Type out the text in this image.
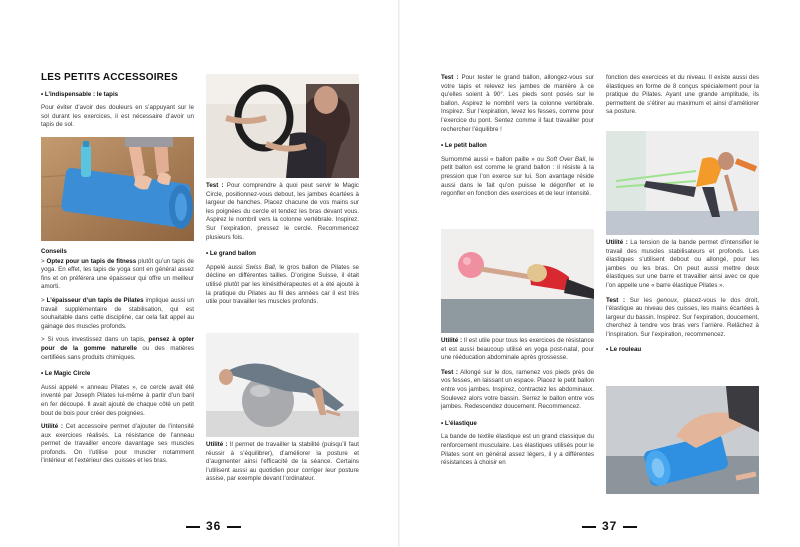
LES PETITS ACCESSOIRES

• L’indispensable : le tapis

Pour éviter d’avoir des douleurs en s’appuyant sur le sol durant les exercices, il est nécessaire d’avoir un tapis de sol.

Conseils

> Optez pour un tapis de fitness plutôt qu’un tapis de yoga. En effet, les tapis de yoga sont en général assez fins et on préférera une épaisseur qui offre un meilleur amorti.

> L’épaisseur d’un tapis de Pilates implique aussi un travail supplémentaire de stabilisation, qui est souhaitable dans cette discipline, car cela fait appel au gainage des muscles profonds.

> Si vous investissez dans un tapis, pensez à opter pour de la gomme naturelle ou des matières certifiées sans produits chimiques.

• Le Magic Circle

Aussi appelé « anneau Pilates », ce cercle avait été inventé par Joseph Pilates lui-même à partir d’un baril en fer découpé. Il avait ajouté de chaque côté un petit bout de bois pour créer des poignées.

Utilité : Cet accessoire permet d’ajouter de l’intensité aux exercices réalisés. La résistance de l’anneau permet de travailler encore davantage ses muscles profonds. On l’utilise pour muscler notamment l’intérieur et l’extérieur des cuisses et les bras.

Test : Pour comprendre à quoi peut servir le Magic Circle, positionnez-vous debout, les jambes écartées à largeur de hanches. Placez chacune de vos mains sur les poignées du cercle et tendez les bras devant vous. Aspirez le nombril vers la colonne vertébrale. Inspirez. Sur l’expiration, pressez le cercle. Recommencez plusieurs fois.

• Le grand ballon

Appelé aussi Swiss Ball, le gros ballon de Pilates se décline en différentes tailles. D’origine Suisse, il était utilisé plutôt par les kinésithérapeutes et a été ajouté à la pratique du Pilates au fil des années car il est très utile pour travailler les muscles profonds.

Utilité : Il permet de travailler la stabilité (puisqu’il faut réussir à s’équilibrer), d’améliorer la posture et d’augmenter ainsi l’efficacité de la séance. Certains l’utilisent aussi au quotidien pour corriger leur posture assise, par exemple devant l’ordinateur.

36

Test : Pour tester le grand ballon, allongez-vous sur votre tapis et relevez les jambes de manière à ce qu’elles soient à 90°. Les pieds sont posés sur le ballon. Aspirez le nombril vers la colonne vertébrale. Inspirez. Sur l’expiration, levez les fesses, comme pour l’exercice du pont. Sentez comme il faut travailler pour rechercher l’équilibre !

• Le petit ballon

Surnommé aussi « ballon paille » ou Soft Over Ball, le petit ballon est comme le grand ballon : il résiste à la pression que l’on exerce sur lui. Son avantage réside aussi dans le fait qu’on puisse le dégonfler et le regonfler en fonction des exercices et de leur intensité.

Utilité : Il est utile pour tous les exercices de résistance et est aussi beaucoup utilisé en yoga post-natal, pour une rééducation abdominale après grossesse.

Test : Allongé sur le dos, ramenez vos pieds près de vos fesses, en laissant un espace. Placez le petit ballon entre vos jambes. Inspirez, contractez les abdominaux. Soulevez alors votre bassin. Serrez le ballon entre vos jambes. Redescendez doucement. Recommencez.

• L’élastique

La bande de textile élastique est un grand classique du renforcement musculaire. Les élastiques utilisés pour le Pilates sont en général assez légers, il y a différentes résistances à choisir en

fonction des exercices et du niveau. Il existe aussi des élastiques en forme de 8 conçus spécialement pour la pratique du Pilates. Ayant une grande amplitude, ils permettent de s’étirer au maximum et ainsi d’améliorer sa posture.

Utilité : La tension de la bande permet d’intensifier le travail des muscles stabilisateurs et profonds. Les élastiques s’utilisent debout ou allongé, pour les jambes ou les bras. On peut aussi mettre deux élastiques sur une barre et travailler ainsi avec ce que l’on appelle une « barre élastique Pilates ».

Test : Sur les genoux, placez-vous le dos droit, l’élastique au niveau des cuisses, les mains écartées à largeur du bassin. Inspirez. Sur l’expiration, doucement, cherchez à tendre vos bras vers l’arrière. Relâchez à l’inspiration. Sur l’expiration, recommencez.

• Le rouleau

37
